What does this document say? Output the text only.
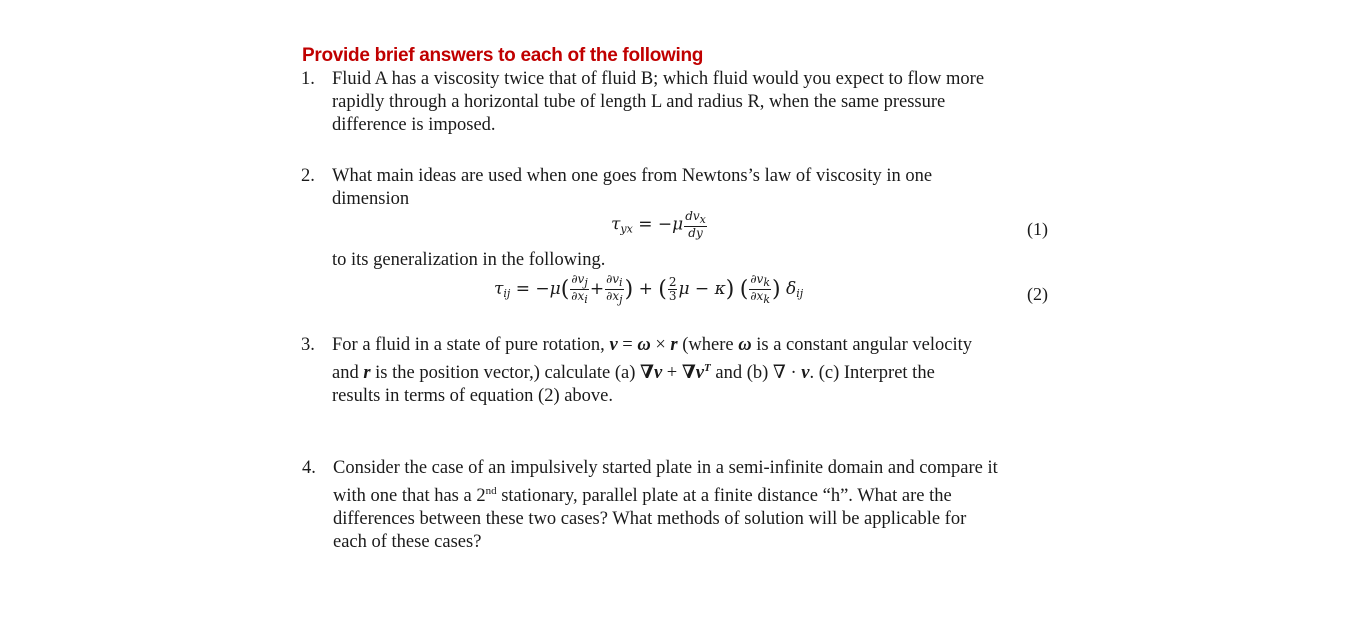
Provide brief answers to each of the following
1. Fluid A has a viscosity twice that of fluid B; which fluid would you expect to flow more
rapidly through a horizontal tube of length L and radius R, when the same pressure
difference is imposed.
2. What main ideas are used when one goes from Newtons’s law of viscosity in one
dimension
$\tau_{yx} = -\mu \frac{\text{dvx}}{dy}$	(1)
to its generalization in the following.
$\tau_{ij} = -\mu( \frac{\partial vj}{\partial xi} + \frac{\partial vi}{\partial xj}$ ) + ( $\frac{2}{3}$ μ − κ) ( $\frac{\partial vk}{\partial xk}$ ) $\delta_{ij}$	(2)
3. For a fluid in a state of pure rotation, v = ω × r (where ω is a constant angular velocity
and r is the position vector,) calculate (a) $\nabla v + \nabla v^T$ and (b) ∇ · v. (c) Interpret the
results in terms of equation (2) above.
4. Consider the case of an impulsively started plate in a semi-infinite domain and compare it
with one that has a 2nd stationary, parallel plate at a finite distance “h”. What are the
differences between these two cases? What methods of solution will be applicable for
each of these cases?
